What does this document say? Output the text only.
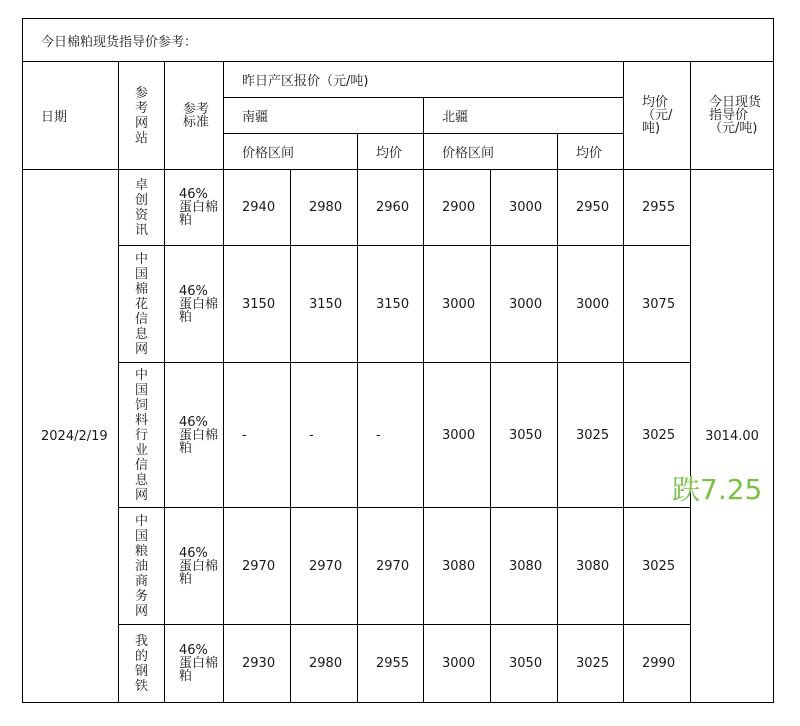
今日棉粕现货指导价参考：										
日期	参考网站	参考标准	昨日产区报价（元/吨)						均价（元/吨)	今日现货指导价（元/吨)
			南疆			北疆				
			价格区间		均价	价格区间		均价		
2024/2/19	卓创资讯	46%蛋白棉粕	2940	2980	2960	2900	3000	2950	2955	3014.00
	中国棉花信息网	46%蛋白棉粕	3150	3150	3150	3000	3000	3000	3075	
	中国饲料行业信息网	46%蛋白棉粕	-	-	-	3000	3050	3025	3025	
	中国粮油商务网	46%蛋白棉粕	2970	2970	2970	3080	3080	3080	3025	
	我的钢铁	46%蛋白棉粕	2930	2980	2955	3000	3050	3025	2990	
跌7.25
